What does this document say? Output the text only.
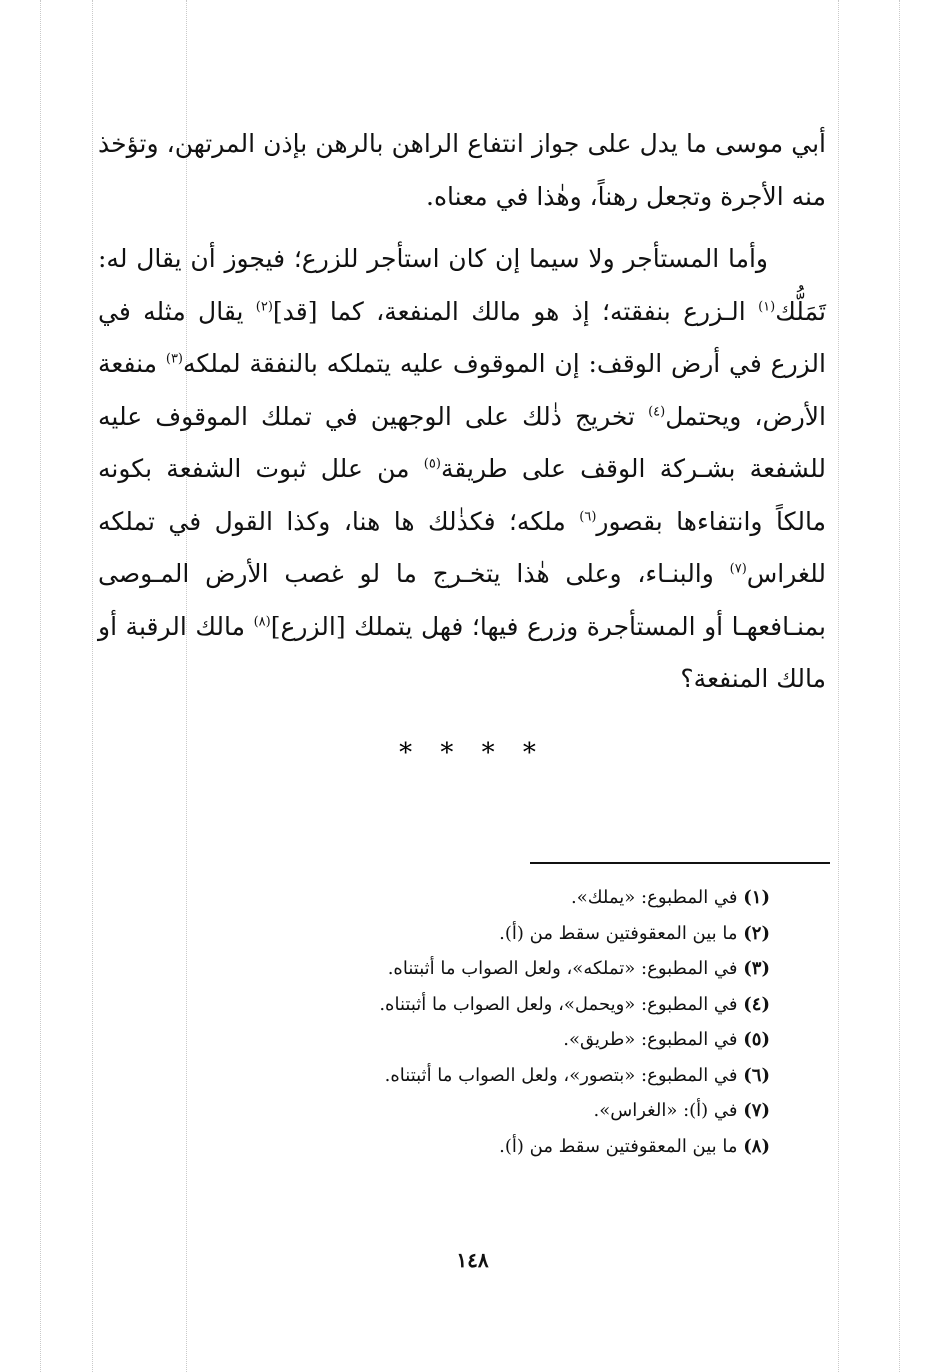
أبي موسى ما يدل على جواز انتفاع الراهن بالرهن بإذن المرتهن، وتؤخذ منه الأجرة وتجعل رهناً، وهٰذا في معناه.

وأما المستأجر ولا سيما إن كان استأجر للزرع؛ فيجوز أن يقال له: تَمَلُّك$^{(١)}$ الـزرع بنفقته؛ إذ هو مالك المنفعة، كما [قد]$^{(٢)}$ يقال مثله في الزرع في أرض الوقف: إن الموقوف عليه يتملكه بالنفقة لملكه$^{(٣)}$ منفعة الأرض، ويحتمل$^{(٤)}$ تخريج ذٰلك على الوجهين في تملك الموقوف عليه للشفعة بشـركة الوقف على طريقة$^{(٥)}$ من علل ثبوت الشفعة بكونه مالكاً وانتفاءها بقصور$^{(٦)}$ ملكه؛ فكذٰلك ها هنا، وكذا القول في تملكه للغراس$^{(٧)}$ والبنـاء، وعلى هٰذا يتخـرج ما لو غصب الأرض المـوصى بمنـافعهـا أو المستأجرة وزرع فيها؛ فهل يتملك [الزرع]$^{(٨)}$ مالك الرقبة أو مالك المنفعة؟

* * * *
(١) في المطبوع: «يملك».
(٢) ما بين المعقوفتين سقط من (أ).
(٣) في المطبوع: «تملكه»، ولعل الصواب ما أثبتناه.
(٤) في المطبوع: «ويحمل»، ولعل الصواب ما أثبتناه.
(٥) في المطبوع: «طريق».
(٦) في المطبوع: «بتصور»، ولعل الصواب ما أثبتناه.
(٧) في (أ): «الغراس».
(٨) ما بين المعقوفتين سقط من (أ).
١٤٨
